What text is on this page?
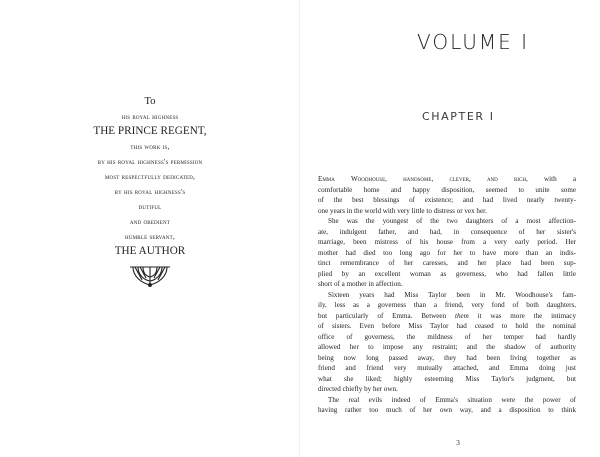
To
his royal highness
THE PRINCE REGENT,
this work is,
by his royal highness's permission
most respectfully dedicated,
by his royal highness's
dutiful
and obedient
humble servant,
THE AUTHOR
VOLUME I
CHAPTER I
Emma Woodhouse, handsome, clever, and rich, with a
comfortable home and happy disposition, seemed to unite some
of the best blessings of existence; and had lived nearly twenty-
one years in the world with very little to distress or vex her.
She was the youngest of the two daughters of a most affection-
ate, indulgent father, and had, in consequence of her sister's
marriage, been mistress of his house from a very early period. Her
mother had died too long ago for her to have more than an indis-
tinct remembrance of her caresses, and her place had been sup-
plied by an excellent woman as governess, who had fallen little
short of a mother in affection.
Sixteen years had Miss Taylor been in Mr. Woodhouse's fam-
ily, less as a governess than a friend, very fond of both daughters,
but particularly of Emma. Between them it was more the intimacy
of sisters. Even before Miss Taylor had ceased to hold the nominal
office of governess, the mildness of her temper had hardly
allowed her to impose any restraint; and the shadow of authority
being now long passed away, they had been living together as
friend and friend very mutually attached, and Emma doing just
what she liked; highly esteeming Miss Taylor's judgment, but
directed chiefly by her own.
The real evils indeed of Emma's situation were the power of
having rather too much of her own way, and a disposition to think
3
